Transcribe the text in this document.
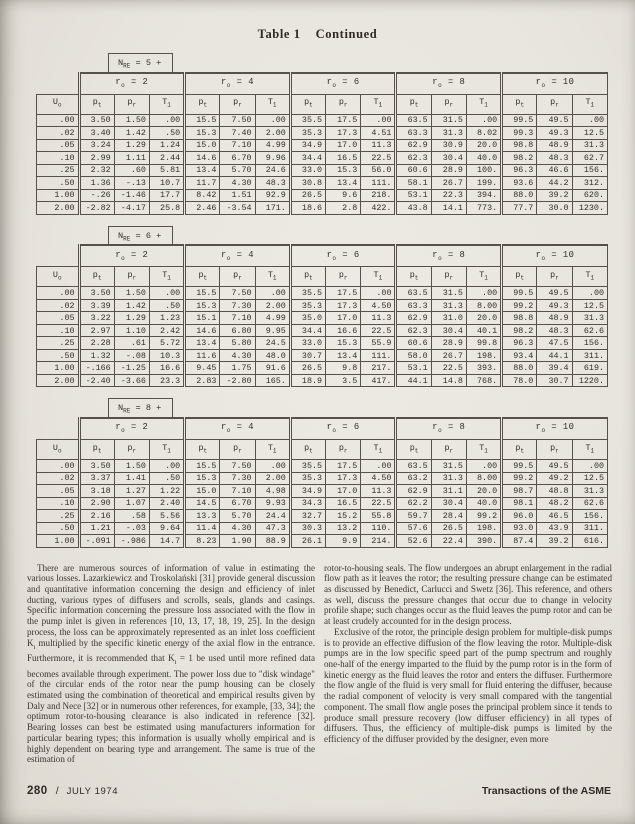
Table 1 Continued
$N_{RE} = 5$ +
	$r_o = 2$			$r_o = 4$			$r_o = 6$			$r_o = 8$			$r_o = 10$		
$U_o$	$p_t$	$p_r$	$T_1$	$p_t$	$p_r$	$T_1$	$p_t$	$p_r$	$T_1$	$p_t$	$p_r$	$T_1$	$p_t$	$p_r$	$T_1$
.00	3.50	1.50	.00	15.5	7.50	.00	35.5	17.5	.00	63.5	31.5	.00	99.5	49.5	.00
.02	3.40	1.42	.50	15.3	7.40	2.00	35.3	17.3	4.51	63.3	31.3	8.02	99.3	49.3	12.5
.05	3.24	1.29	1.24	15.0	7.10	4.99	34.9	17.0	11.3	62.9	30.9	20.0	98.8	48.9	31.3
.10	2.99	1.11	2.44	14.6	6.70	9.96	34.4	16.5	22.5	62.3	30.4	40.0	98.2	48.3	62.7
.25	2.32	.60	5.81	13.4	5.70	24.6	33.0	15.3	56.0	60.6	28.9	100.	96.3	46.6	156.
.50	1.36	-.13	10.7	11.7	4.30	48.3	30.8	13.4	111.	58.1	26.7	199.	93.6	44.2	312.
1.00	-.26	-1.46	17.7	8.42	1.51	92.9	26.5	9.6	218.	53.1	22.3	394.	88.0	39.2	620.
2.00	-2.82	-4.17	25.8	2.46	-3.54	171.	18.6	2.8	422.	43.8	14.1	773.	77.7	30.0	1230.
$N_{RE} = 6$ +
	$r_o = 2$			$r_o = 4$			$r_o = 6$			$r_o = 8$			$r_o = 10$		
$U_o$	$p_t$	$p_r$	$T_1$	$p_t$	$p_r$	$T_1$	$p_t$	$p_r$	$T_1$	$p_t$	$p_r$	$T_1$	$p_t$	$p_r$	$T_1$
.00	3.50	1.50	.00	15.5	7.50	.00	35.5	17.5	.00	63.5	31.5	.00	99.5	49.5	.00
.02	3.39	1.42	.50	15.3	7.30	2.00	35.3	17.3	4.50	63.3	31.3	8.00	99.2	49.3	12.5
.05	3.22	1.29	1.23	15.1	7.10	4.99	35.0	17.0	11.3	62.9	31.0	20.0	98.8	48.9	31.3
.10	2.97	1.10	2.42	14.6	6.80	9.95	34.4	16.6	22.5	62.3	30.4	40.1	98.2	48.3	62.6
.25	2.28	.61	5.72	13.4	5.80	24.5	33.0	15.3	55.9	60.6	28.9	99.8	96.3	47.5	156.
.50	1.32	-.08	10.3	11.6	4.30	48.0	30.7	13.4	111.	58.0	26.7	198.	93.4	44.1	311.
1.00	-.166	-1.25	16.6	9.45	1.75	91.6	26.5	9.8	217.	53.1	22.5	393.	88.0	39.4	619.
2.00	-2.40	-3.66	23.3	2.83	-2.80	165.	18.9	3.5	417.	44.1	14.8	768.	78.0	30.7	1220.
$N_{RE} = 8$ +
	$r_o = 2$			$r_o = 4$			$r_o = 6$			$r_o = 8$			$r_o = 10$		
$U_o$	$p_t$	$p_r$	$T_1$	$p_t$	$p_r$	$T_1$	$p_t$	$p_r$	$T_1$	$p_t$	$p_r$	$T_1$	$p_t$	$p_r$	$T_1$
.00	3.50	1.50	.00	15.5	7.50	.00	35.5	17.5	.00	63.5	31.5	.00	99.5	49.5	.00
.02	3.37	1.41	.50	15.3	7.30	2.00	35.3	17.3	4.50	63.2	31.3	8.00	99.2	49.2	12.5
.05	3.18	1.27	1.22	15.0	7.10	4.98	34.9	17.0	11.3	62.9	31.1	20.0	98.7	48.8	31.3
.10	2.90	1.07	2.40	14.5	6.70	9.93	34.3	16.5	22.5	62.2	30.4	40.0	98.1	48.2	62.6
.25	2.16	.58	5.56	13.3	5.70	24.4	32.7	15.2	55.8	59.7	28.4	99.2	96.0	46.5	156.
.50	1.21	-.03	9.64	11.4	4.30	47.3	30.3	13.2	110.	57.6	26.5	198.	93.0	43.9	311.
1.00	-.091	-.986	14.7	8.23	1.90	88.9	26.1	9.9	214.	52.6	22.4	390.	87.4	39.2	616.

There are numerous sources of information of value in estimating the various losses. Lazarkiewicz and Troskolański [31] provide general discussion and quantitative information concerning the design and efficiency of inlet ducting, various types of diffusers and scrolls, seals, glands and casings. Specific information concerning the pressure loss associated with the flow in the pump inlet is given in references [10, 13, 17, 18, 19, 25]. In the design process, the loss can be approximately represented as an inlet loss coefficient $K_i$ multiplied by the specific kinetic energy of the axial flow in the entrance. Furthermore, it is recommended that $K_i = 1$ be used until more refined data becomes available through experiment. The power loss due to "disk windage" of the circular ends of the rotor near the pump housing can be closely estimated using the combination of theoretical and empirical results given by Daly and Nece [32] or in numerous other references, for example, [33, 34]; the optimum rotor-to-housing clearance is also indicated in reference [32]. Bearing losses can best be estimated using manufacturers information for particular bearing types; this information is usually wholly empirical and is highly dependent on bearing type and arrangement. The same is true of the estimation of

rotor-to-housing seals. The flow undergoes an abrupt enlargement in the radial flow path as it leaves the rotor; the resulting pressure change can be estimated as discussed by Benedict, Carlucci and Swetz [36]. This reference, and others as well, discuss the pressure changes that occur due to change in velocity profile shape; such changes occur as the fluid leaves the pump rotor and can be at least crudely accounted for in the design process.

Exclusive of the rotor, the principle design problem for multiple-disk pumps is to provide an effective diffusion of the flow leaving the rotor. Multiple-disk pumps are in the low specific speed part of the pump spectrum and roughly one-half of the energy imparted to the fluid by the pump rotor is in the form of kinetic energy as the fluid leaves the rotor and enters the diffuser. Furthermore the flow angle of the fluid is very small for fluid entering the diffuser, because the radial component of velocity is very small compared with the tangential component. The small flow angle poses the principal problem since it tends to produce small pressure recovery (low diffuser efficiency) in all types of diffusers. Thus, the efficiency of multiple-disk pumps is limited by the efficiency of the diffuser provided by the designer, even more

280 / JULY 1974	Transactions of the ASME
